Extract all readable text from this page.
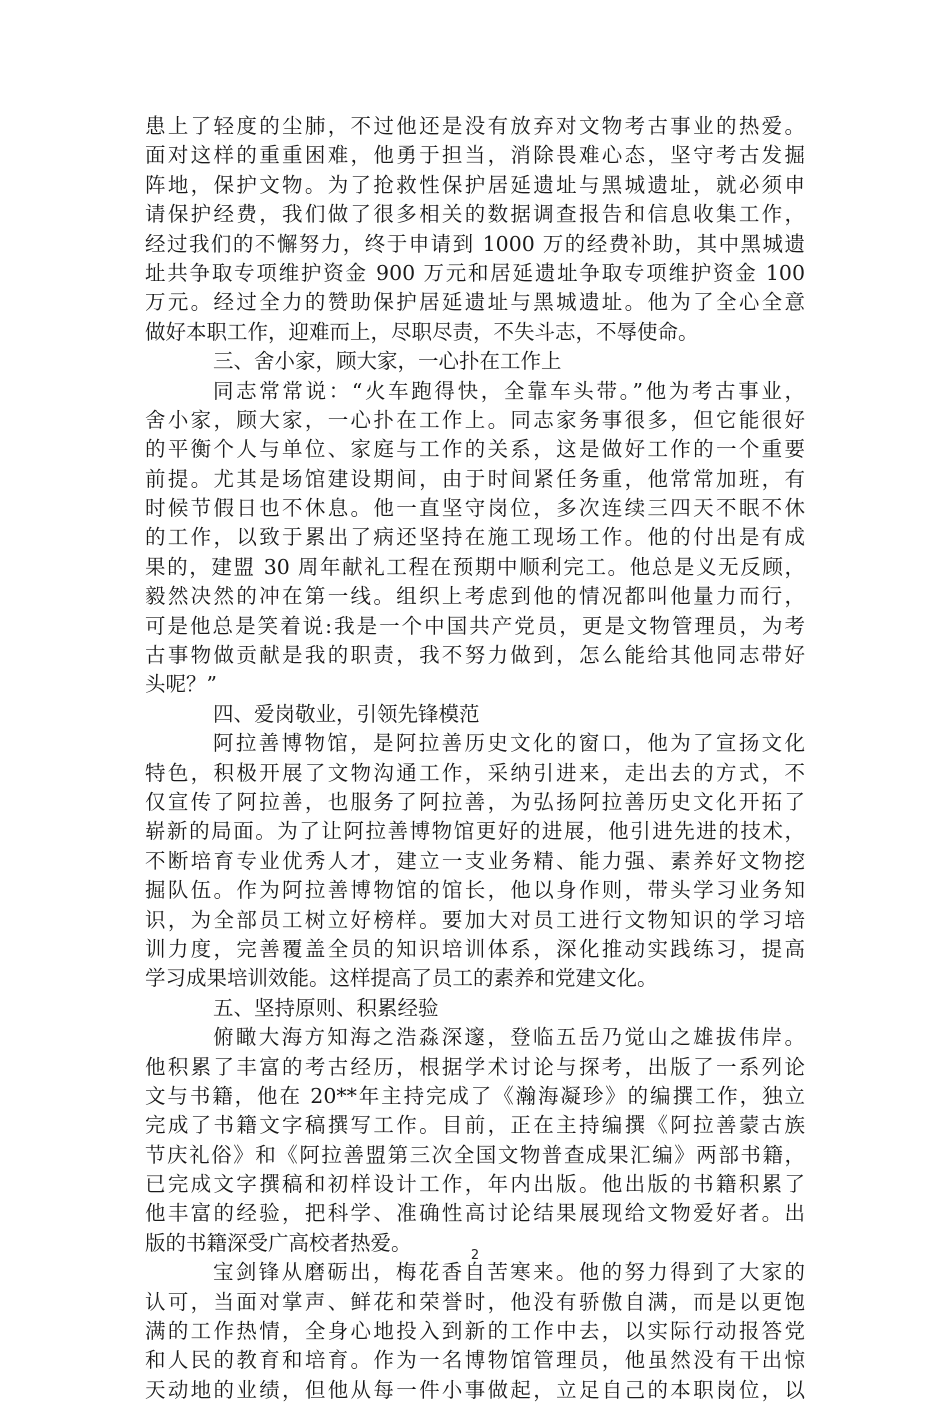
患上了轻度的尘肺，不过他还是没有放弃对文物考古事业的热爱。
面对这样的重重困难，他勇于担当，消除畏难心态，坚守考古发掘
阵地，保护文物。为了抢救性保护居延遗址与黑城遗址，就必须申
请保护经费，我们做了很多相关的数据调查报告和信息收集工作，
经过我们的不懈努力，终于申请到 1000 万的经费补助，其中黑城遗
址共争取专项维护资金 900 万元和居延遗址争取专项维护资金 100
万元。经过全力的赞助保护居延遗址与黑城遗址。他为了全心全意
做好本职工作，迎难而上，尽职尽责，不失斗志，不辱使命。
三、舍小家，顾大家，一心扑在工作上
同志常常说：“火车跑得快，全靠车头带。”他为考古事业，
舍小家，顾大家，一心扑在工作上。同志家务事很多，但它能很好
的平衡个人与单位、家庭与工作的关系，这是做好工作的一个重要
前提。尤其是场馆建设期间，由于时间紧任务重，他常常加班，有
时候节假日也不休息。他一直坚守岗位，多次连续三四天不眠不休
的工作，以致于累出了病还坚持在施工现场工作。他的付出是有成
果的，建盟 30 周年献礼工程在预期中顺利完工。他总是义无反顾，
毅然决然的冲在第一线。组织上考虑到他的情况都叫他量力而行，
可是他总是笑着说:我是一个中国共产党员，更是文物管理员，为考
古事物做贡献是我的职责，我不努力做到，怎么能给其他同志带好
头呢？”
四、爱岗敬业，引领先锋模范
阿拉善博物馆，是阿拉善历史文化的窗口，他为了宣扬文化
特色，积极开展了文物沟通工作，采纳引进来，走出去的方式，不
仅宣传了阿拉善，也服务了阿拉善，为弘扬阿拉善历史文化开拓了
崭新的局面。为了让阿拉善博物馆更好的进展，他引进先进的技术，
不断培育专业优秀人才，建立一支业务精、能力强、素养好文物挖
掘队伍。作为阿拉善博物馆的馆长，他以身作则，带头学习业务知
识，为全部员工树立好榜样。要加大对员工进行文物知识的学习培
训力度，完善覆盖全员的知识培训体系，深化推动实践练习，提高
学习成果培训效能。这样提高了员工的素养和党建文化。
五、坚持原则、积累经验
俯瞰大海方知海之浩淼深邃，登临五岳乃觉山之雄拔伟岸。
他积累了丰富的考古经历，根据学术讨论与探考，出版了一系列论
文与书籍，他在 20**年主持完成了《瀚海凝珍》的编撰工作，独立
完成了书籍文字稿撰写工作。目前，正在主持编撰《阿拉善蒙古族
节庆礼俗》和《阿拉善盟第三次全国文物普查成果汇编》两部书籍，
已完成文字撰稿和初样设计工作，年内出版。他出版的书籍积累了
他丰富的经验，把科学、准确性高讨论结果展现给文物爱好者。出
版的书籍深受广高校者热爱。
宝剑锋从磨砺出，梅花香自苦寒来。他的努力得到了大家的
认可，当面对掌声、鲜花和荣誉时，他没有骄傲自满，而是以更饱
满的工作热情，全身心地投入到新的工作中去，以实际行动报答党
和人民的教育和培育。作为一名博物馆管理员，他虽然没有干出惊
天动地的业绩，但他从每一件小事做起，立足自己的本职岗位，以
2
